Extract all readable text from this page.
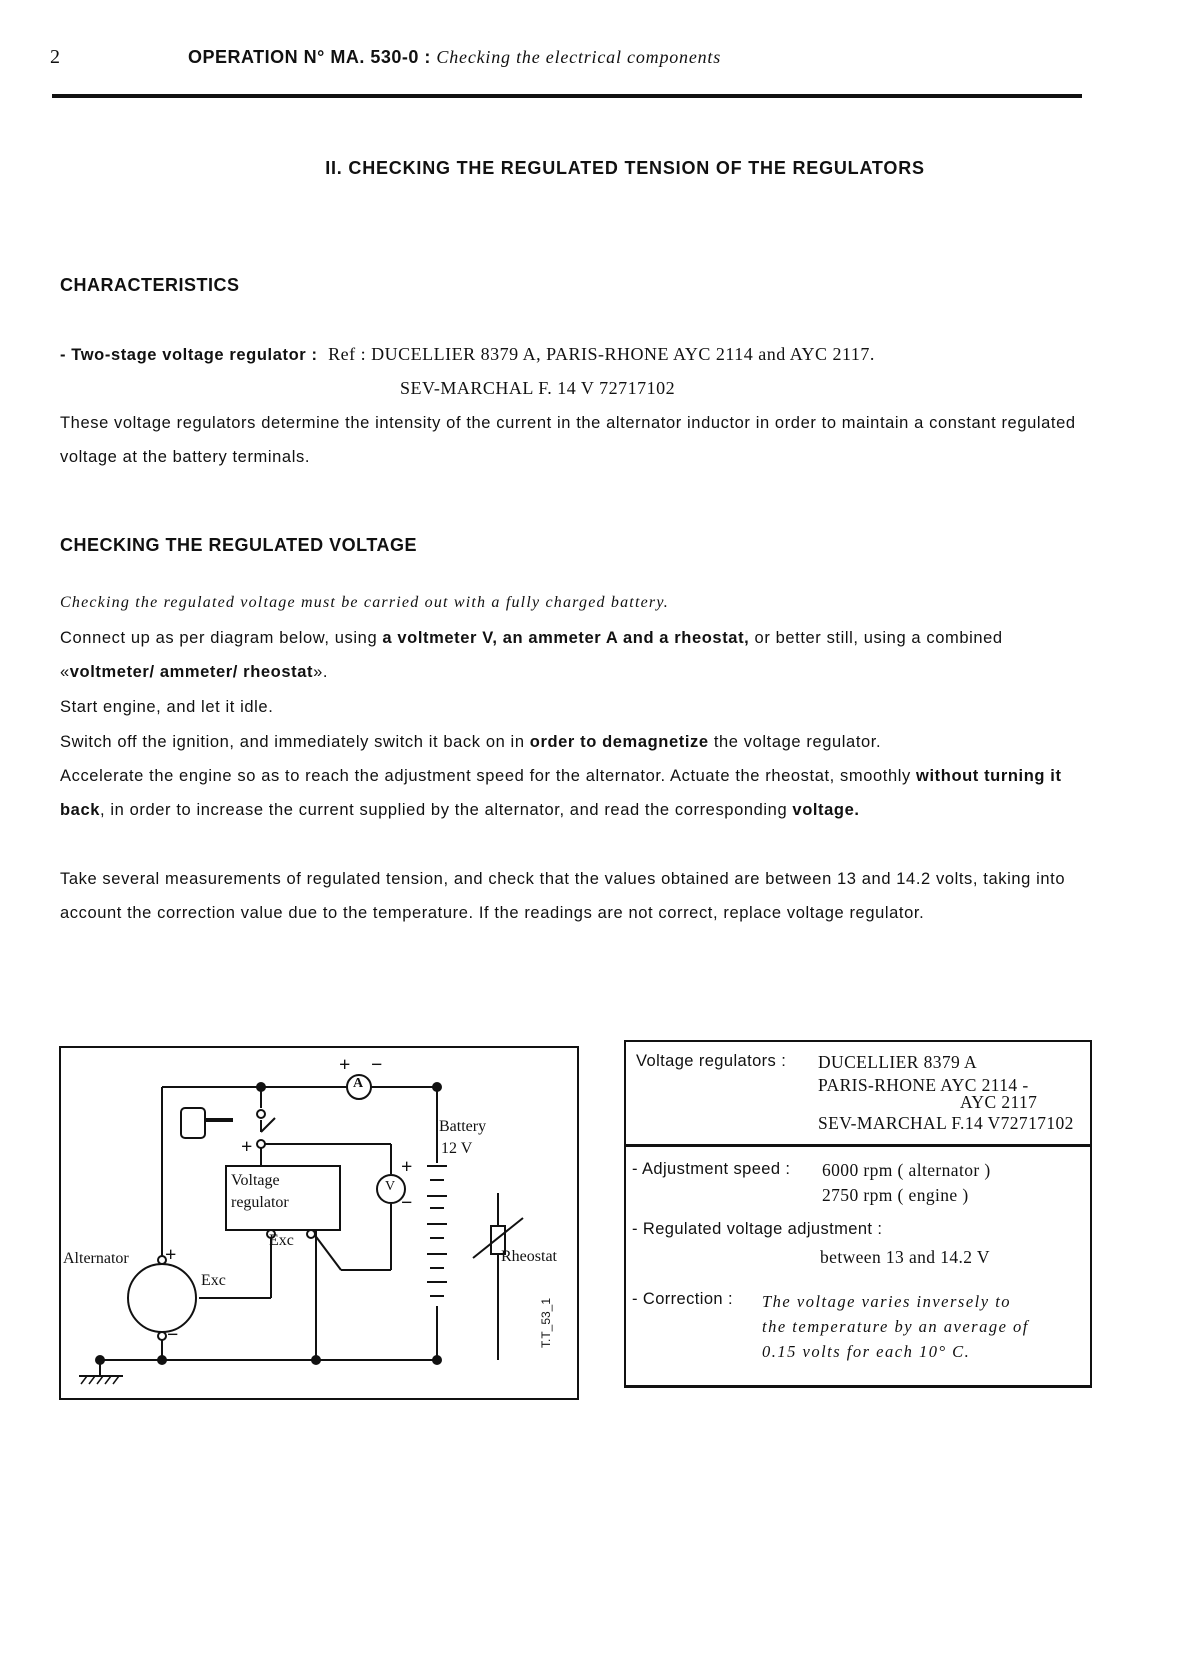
2	OPERATION N° MA. 530-0 : Checking the electrical components
II. CHECKING THE REGULATED TENSION OF THE REGULATORS
CHARACTERISTICS
- Two-stage voltage regulator : Ref : DUCELLIER 8379 A, PARIS-RHONE AYC 2114 and AYC 2117.
SEV-MARCHAL F. 14 V 72717102
These voltage regulators determine the intensity of the current in the alternator inductor in order to maintain a constant regulated voltage at the battery terminals.
CHECKING THE REGULATED VOLTAGE
Checking the regulated voltage must be carried out with a fully charged battery.
Connect up as per diagram below, using a voltmeter V, an ammeter A and a rheostat, or better still, using a combined «voltmeter/ ammeter/ rheostat».
Start engine, and let it idle.
Switch off the ignition, and immediately switch it back on in order to demagnetize the voltage regulator.
Accelerate the engine so as to reach the adjustment speed for the alternator. Actuate the rheostat, smoothly without turning it back, in order to increase the current supplied by the alternator, and read the corresponding voltage.
Take several measurements of regulated tension, and check that the values obtained are between 13 and 14.2 volts, taking into account the correction value due to the temperature. If the readings are not correct, replace voltage regulator.
Alternator
Exc
Exc
Voltage
regulator
Battery
12 V
Rheostat
A
V
+ −
+
−
+
+
−	T.T_53_1
Voltage regulators : DUCELLIER 8379 A
PARIS-RHONE AYC 2114 -
AYC 2117
SEV-MARCHAL F.14 V72717102
- Adjustment speed : 6000 rpm ( alternator )
2750 rpm ( engine )
- Regulated voltage adjustment :
between 13 and 14.2 V
- Correction : The voltage varies inversely to
the temperature by an average of
0.15 volts for each 10° C.
